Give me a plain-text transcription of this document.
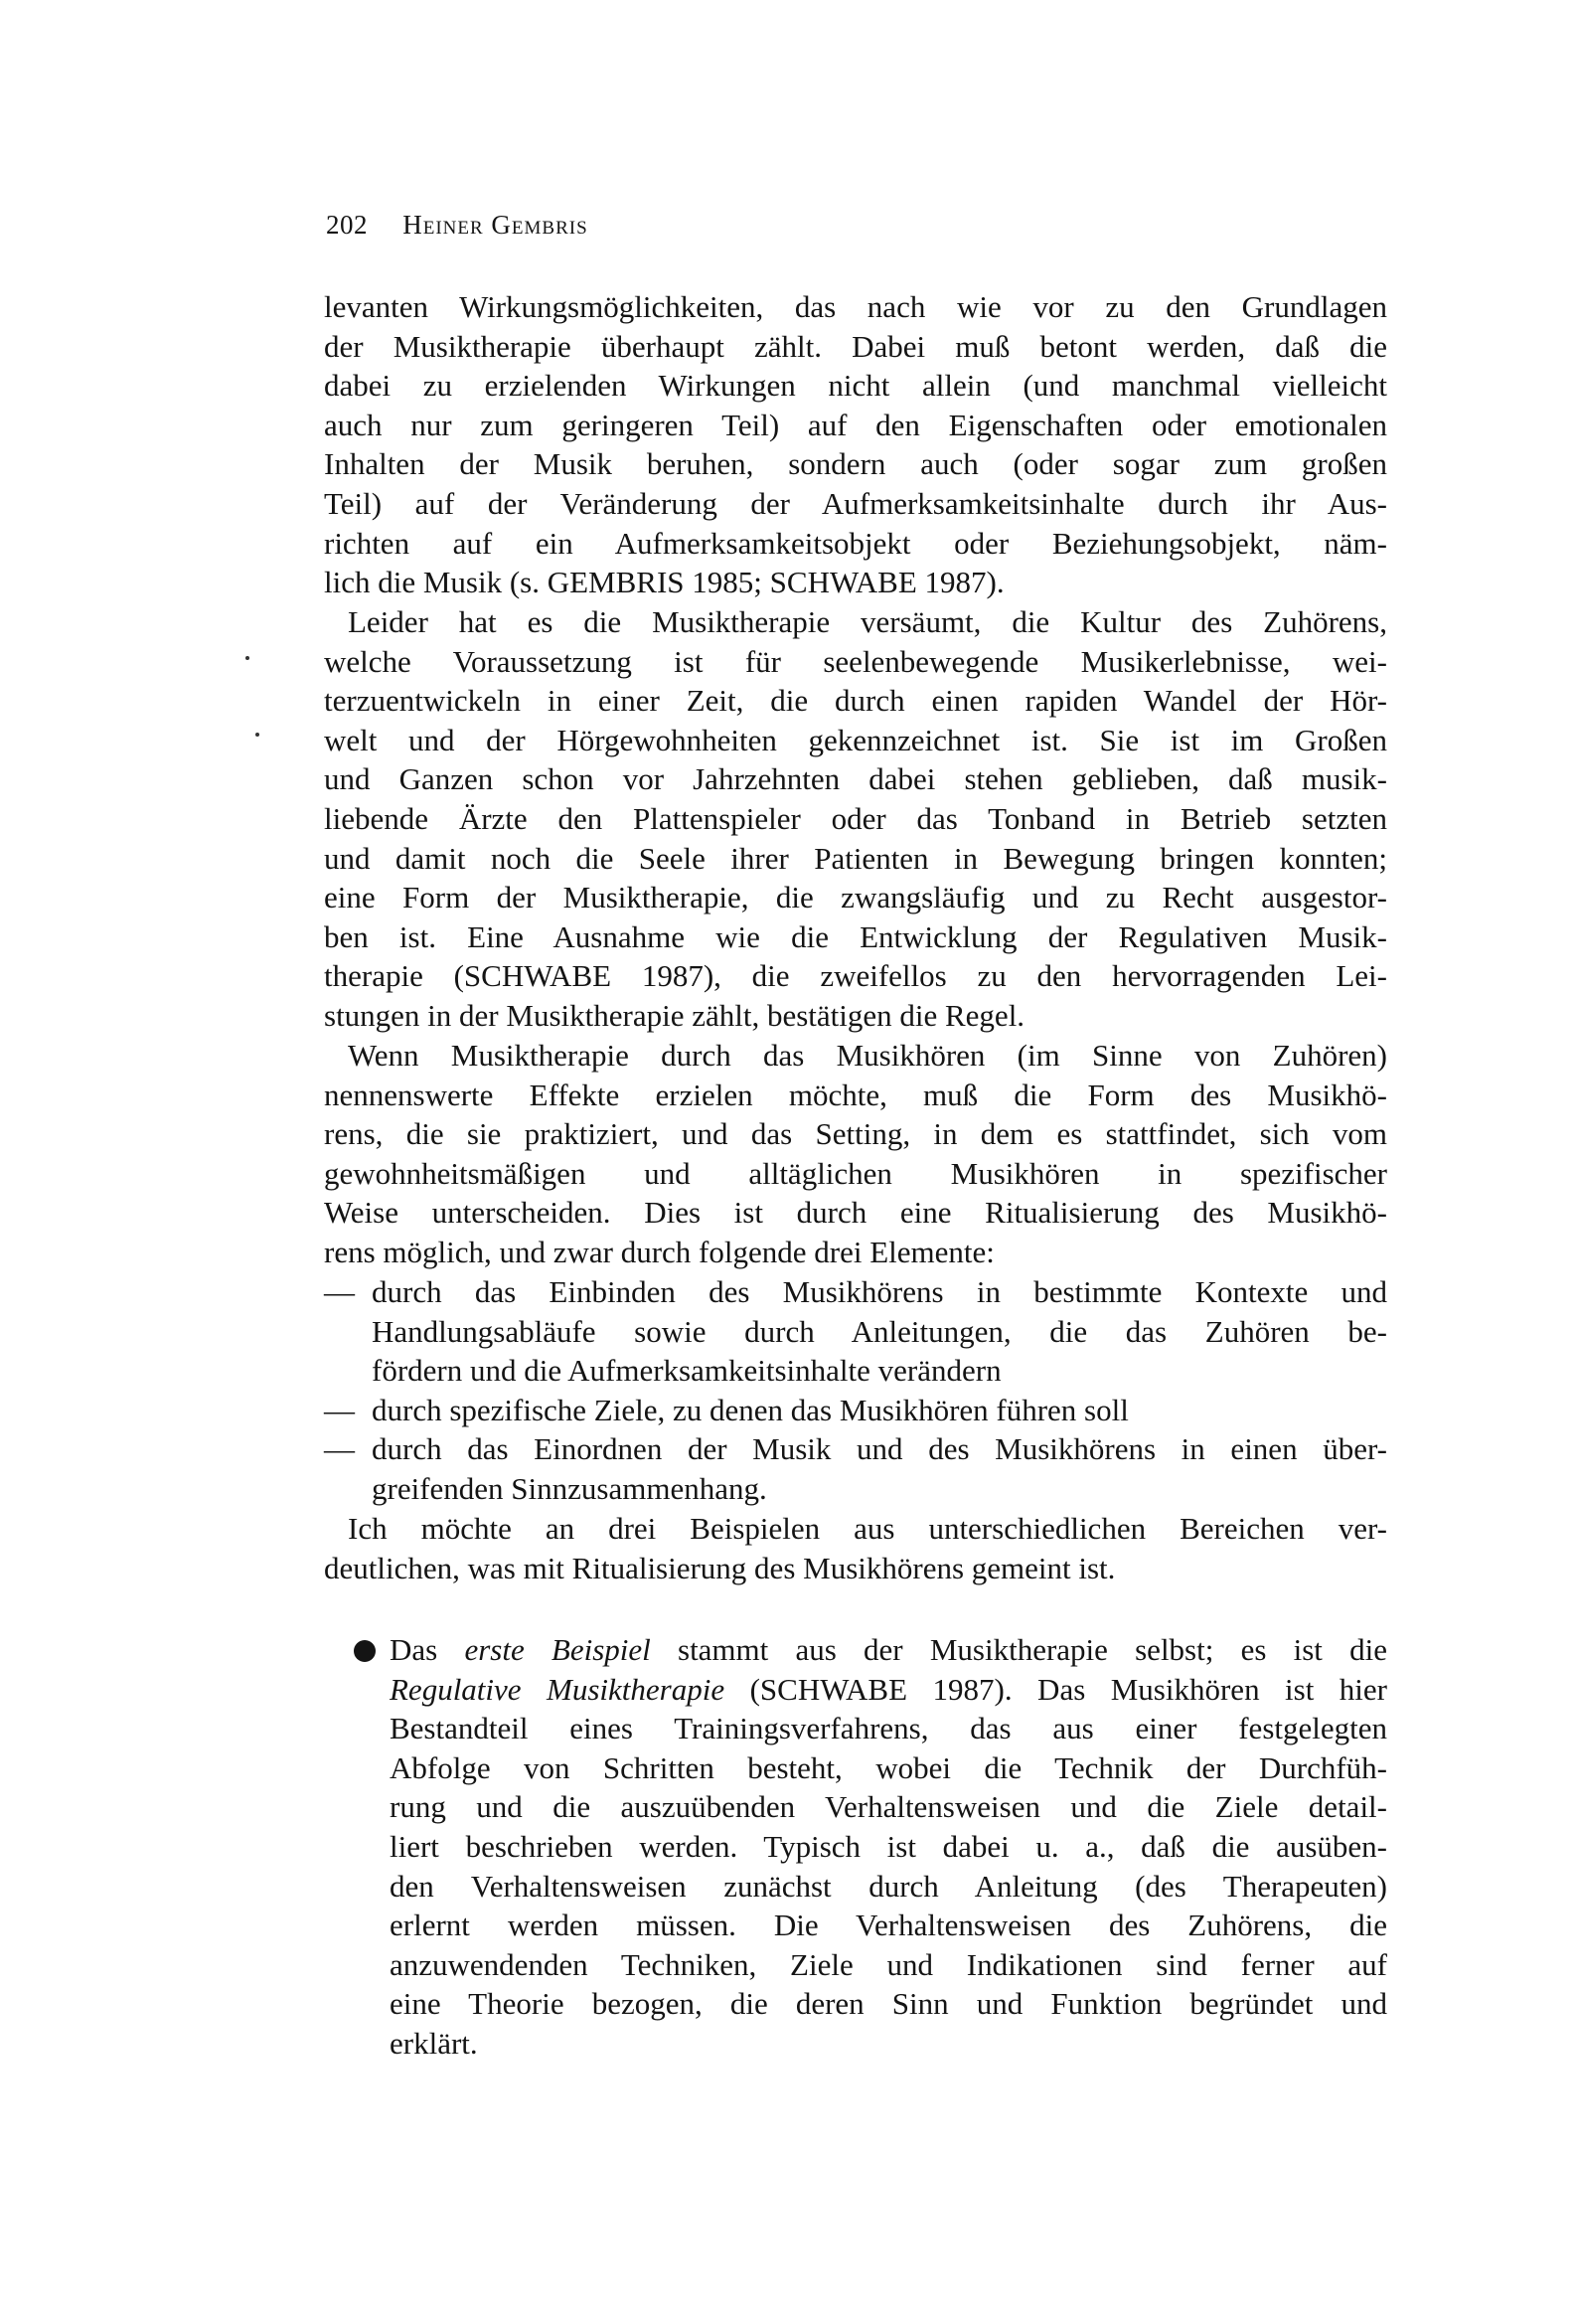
202 Heiner Gembris
levanten Wirkungsmöglichkeiten, das nach wie vor zu den Grundlagen
der Musiktherapie überhaupt zählt. Dabei muß betont werden, daß die
dabei zu erzielenden Wirkungen nicht allein (und manchmal vielleicht
auch nur zum geringeren Teil) auf den Eigenschaften oder emotionalen
Inhalten der Musik beruhen, sondern auch (oder sogar zum großen
Teil) auf der Veränderung der Aufmerksamkeitsinhalte durch ihr Aus-
richten auf ein Aufmerksamkeitsobjekt oder Beziehungsobjekt, näm-
lich die Musik (s. GEMBRIS 1985; SCHWABE 1987).
Leider hat es die Musiktherapie versäumt, die Kultur des Zuhörens,
welche Voraussetzung ist für seelenbewegende Musikerlebnisse, wei-
terzuentwickeln in einer Zeit, die durch einen rapiden Wandel der Hör-
welt und der Hörgewohnheiten gekennzeichnet ist. Sie ist im Großen
und Ganzen schon vor Jahrzehnten dabei stehen geblieben, daß musik-
liebende Ärzte den Plattenspieler oder das Tonband in Betrieb setzten
und damit noch die Seele ihrer Patienten in Bewegung bringen konnten;
eine Form der Musiktherapie, die zwangsläufig und zu Recht ausgestor-
ben ist. Eine Ausnahme wie die Entwicklung der Regulativen Musik-
therapie (SCHWABE 1987), die zweifellos zu den hervorragenden Lei-
stungen in der Musiktherapie zählt, bestätigen die Regel.
Wenn Musiktherapie durch das Musikhören (im Sinne von Zuhören)
nennenswerte Effekte erzielen möchte, muß die Form des Musikhö-
rens, die sie praktiziert, und das Setting, in dem es stattfindet, sich vom
gewohnheitsmäßigen und alltäglichen Musikhören in spezifischer
Weise unterscheiden. Dies ist durch eine Ritualisierung des Musikhö-
rens möglich, und zwar durch folgende drei Elemente:
— durch das Einbinden des Musikhörens in bestimmte Kontexte und
Handlungsabläufe sowie durch Anleitungen, die das Zuhören be-
fördern und die Aufmerksamkeitsinhalte verändern
— durch spezifische Ziele, zu denen das Musikhören führen soll
— durch das Einordnen der Musik und des Musikhörens in einen über-
greifenden Sinnzusammenhang.
Ich möchte an drei Beispielen aus unterschiedlichen Bereichen ver-
deutlichen, was mit Ritualisierung des Musikhörens gemeint ist.
Das erste Beispiel stammt aus der Musiktherapie selbst; es ist die
Regulative Musiktherapie (SCHWABE 1987). Das Musikhören ist hier
Bestandteil eines Trainingsverfahrens, das aus einer festgelegten
Abfolge von Schritten besteht, wobei die Technik der Durchfüh-
rung und die auszuübenden Verhaltensweisen und die Ziele detail-
liert beschrieben werden. Typisch ist dabei u. a., daß die ausüben-
den Verhaltensweisen zunächst durch Anleitung (des Therapeuten)
erlernt werden müssen. Die Verhaltensweisen des Zuhörens, die
anzuwendenden Techniken, Ziele und Indikationen sind ferner auf
eine Theorie bezogen, die deren Sinn und Funktion begründet und
erklärt.
